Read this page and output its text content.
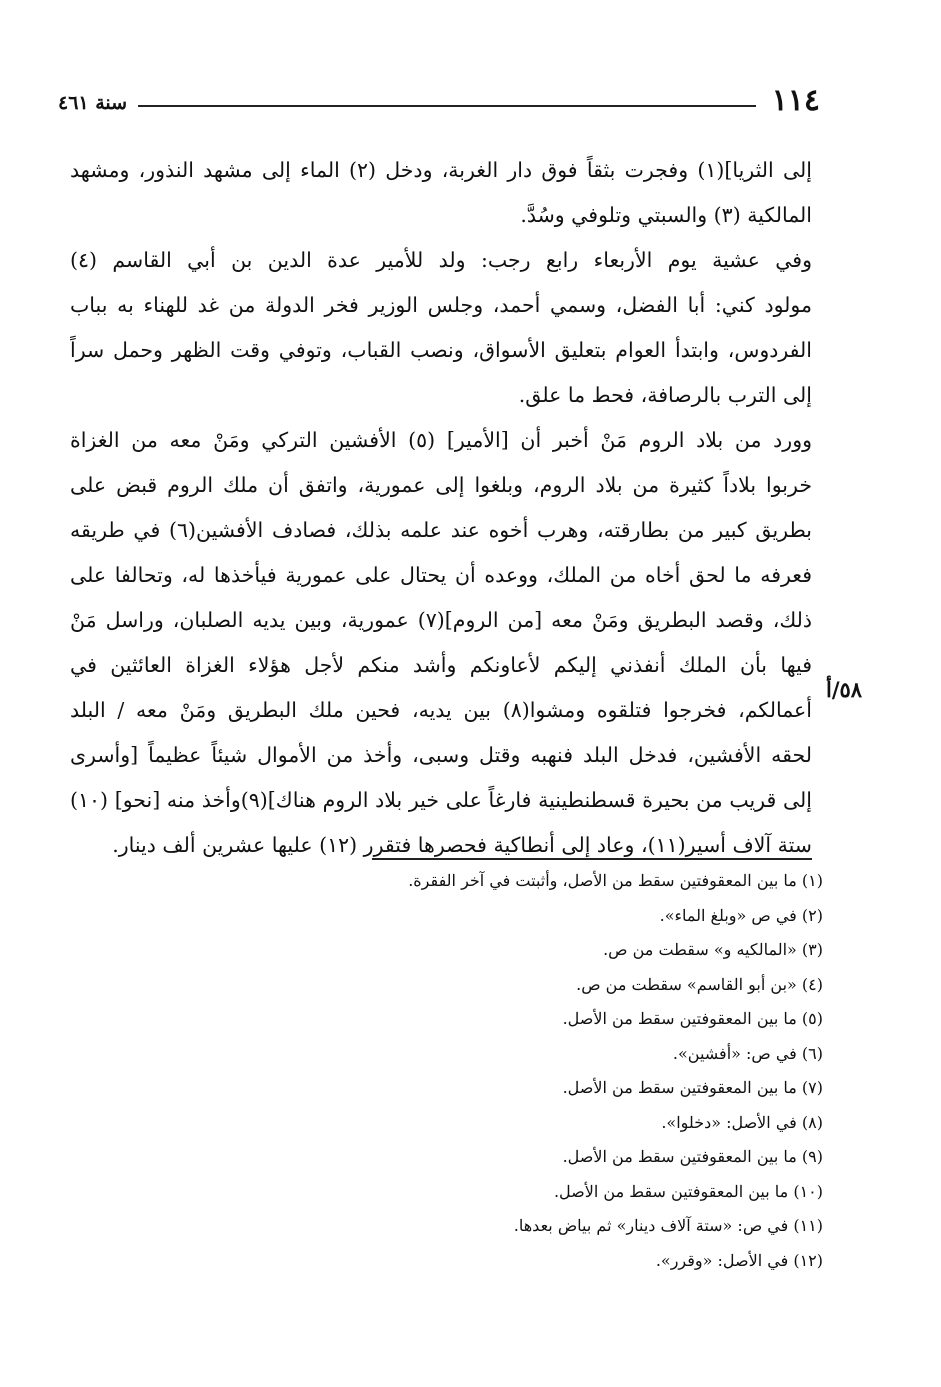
١١٤
سنة ٤٦١
إلى الثريا](١) وفجرت بثقاً فوق دار الغربة، ودخل (٢) الماء إلى مشهد النذور، ومشهد
المالكية (٣) والسبتي وتلوفي وسُدَّ.
وفي عشية يوم الأربعاء رابع رجب: ولد للأمير عدة الدين بن أبي القاسم (٤)
مولود كني: أبا الفضل، وسمي أحمد، وجلس الوزير فخر الدولة من غد للهناء به بباب
الفردوس، وابتدأ العوام بتعليق الأسواق، ونصب القباب، وتوفي وقت الظهر وحمل سراً
إلى الترب بالرصافة، فحط ما علق.
وورد من بلاد الروم مَنْ أخبر أن [الأمير] (٥) الأفشين التركي ومَنْ معه من الغزاة
خربوا بلاداً كثيرة من بلاد الروم، وبلغوا إلى عمورية، واتفق أن ملك الروم قبض على
بطريق كبير من بطارقته، وهرب أخوه عند علمه بذلك، فصادف الأفشين(٦) في طريقه
فعرفه ما لحق أخاه من الملك، ووعده أن يحتال على عمورية فيأخذها له، وتحالفا على
ذلك، وقصد البطريق ومَنْ معه [من الروم](٧) عمورية، وبين يديه الصلبان، وراسل مَنْ
فيها بأن الملك أنفذني إليكم لأعاونكم وأشد منكم لأجل هؤلاء الغزاة العائثين في
أعمالكم، فخرجوا فتلقوه ومشوا(٨) بين يديه، فحين ملك البطريق ومَنْ معه / البلد
لحقه الأفشين، فدخل البلد فنهبه وقتل وسبى، وأخذ من الأموال شيئاً عظيماً [وأسرى
إلى قريب من بحيرة قسطنطينية فارغاً على خير بلاد الروم هناك](٩)وأخذ منه [نحو] (١٠)
ستة آلاف أسير(١١)، وعاد إلى أنطاكية فحصرها فتقرر (١٢) عليها عشرين ألف دينار.
٥٨/أ
(١) ما بين المعقوفتين سقط من الأصل، وأثبتت في آخر الفقرة.
(٢) في ص «وبلغ الماء».
(٣) «المالكيه و» سقطت من ص.
(٤) «بن أبو القاسم» سقطت من ص.
(٥) ما بين المعقوفتين سقط من الأصل.
(٦) في ص: «أفشين».
(٧) ما بين المعقوفتين سقط من الأصل.
(٨) في الأصل: «دخلوا».
(٩) ما بين المعقوفتين سقط من الأصل.
(١٠) ما بين المعقوفتين سقط من الأصل.
(١١) في ص: «ستة آلاف دينار» ثم بياض بعدها.
(١٢) في الأصل: «وقرر».
